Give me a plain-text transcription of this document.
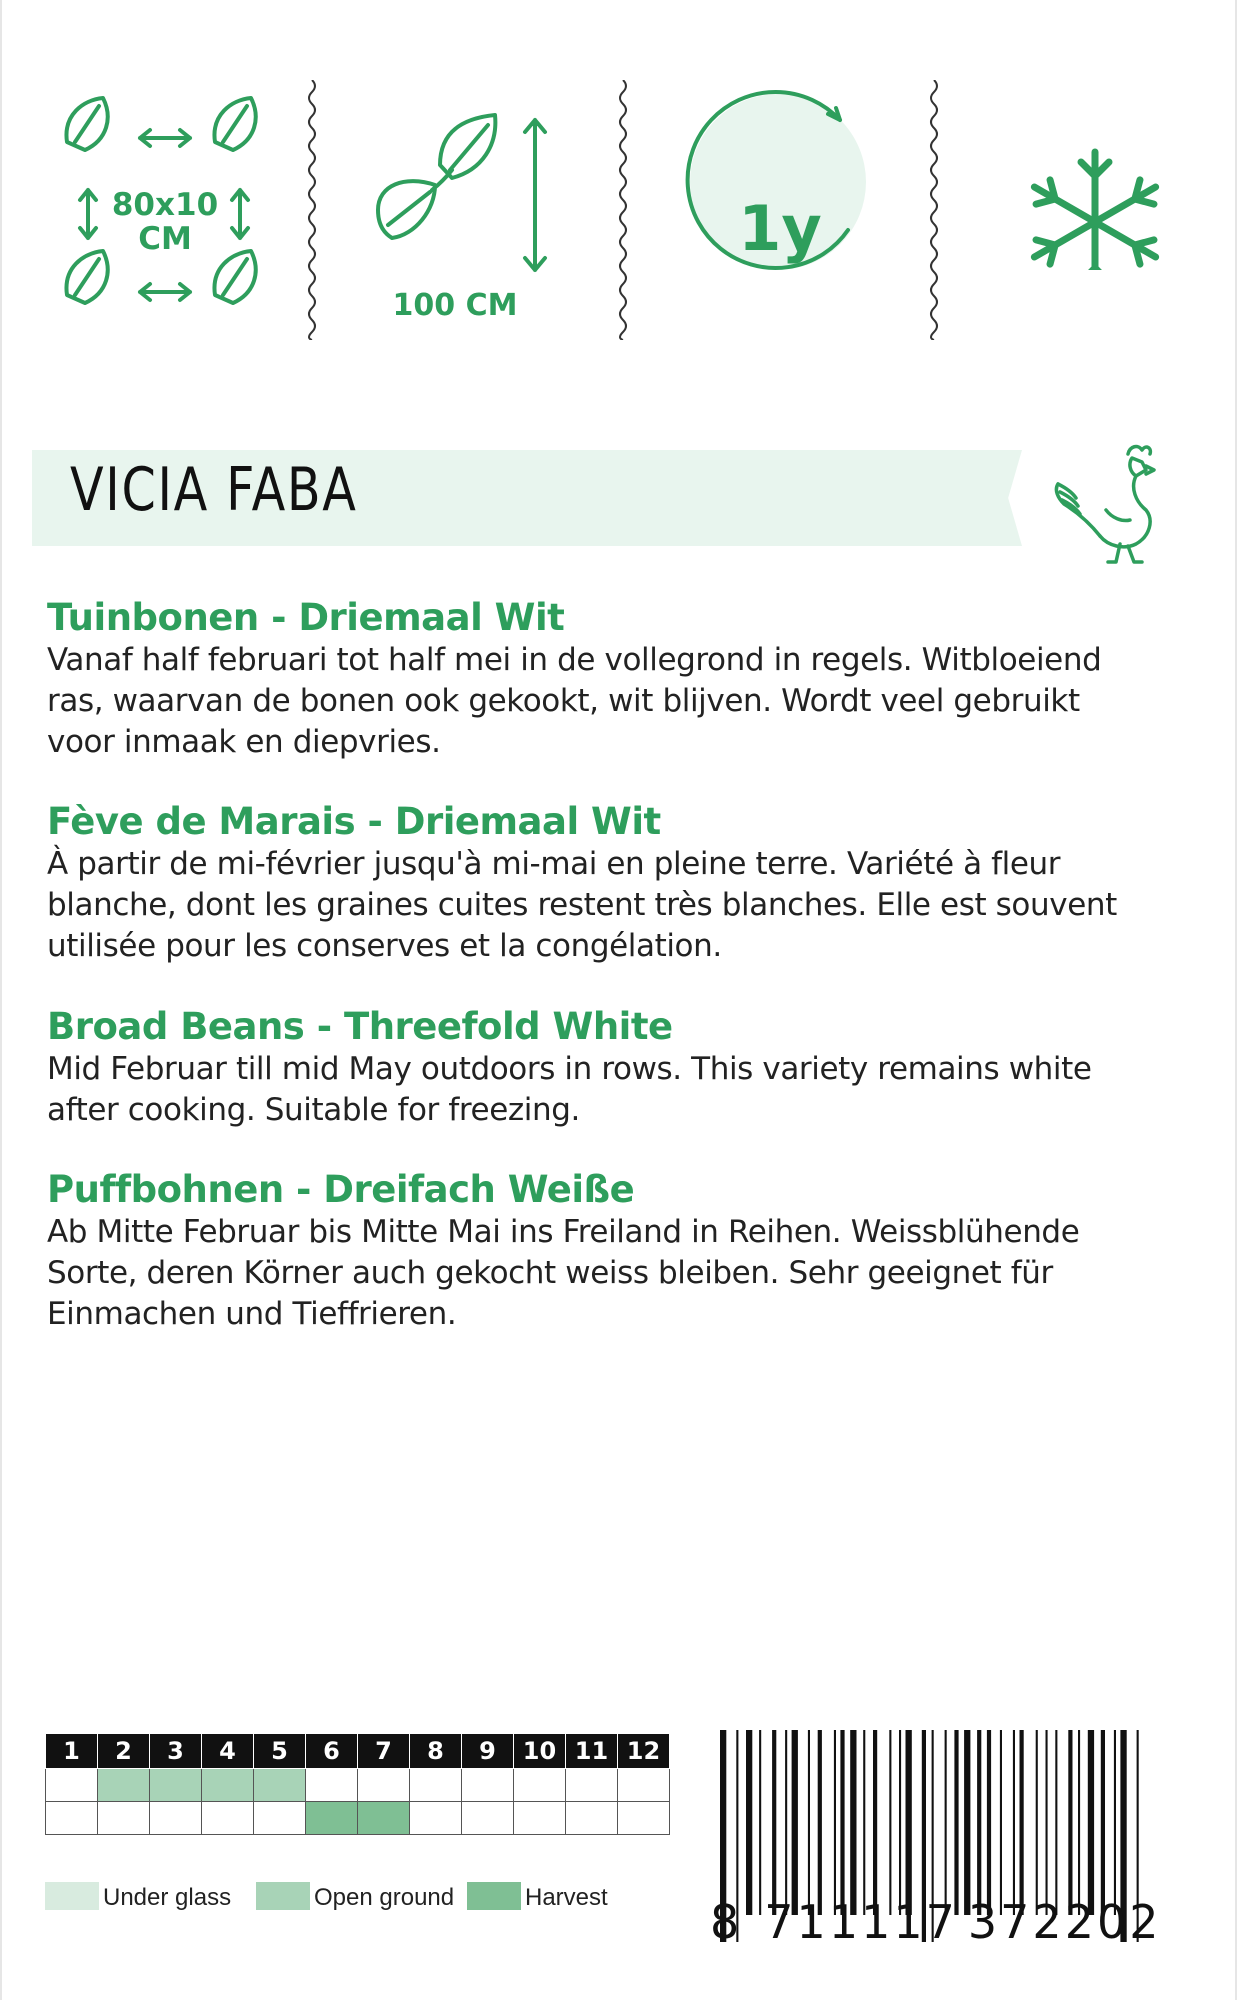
80x10
CM
100 CM
1y
VICIA FABA
Tuinbonen - Driemaal Wit

Vanaf half februari tot half mei in de vollegrond in regels. Witbloeiend

ras, waarvan de bonen ook gekookt, wit blijven. Wordt veel gebruikt

voor inmaak en diepvries.

Fève de Marais - Driemaal Wit

À partir de mi-février jusqu'à mi-mai en pleine terre. Variété à fleur

blanche, dont les graines cuites restent très blanches. Elle est souvent

utilisée pour les conserves et la congélation.

Broad Beans - Threefold White

Mid Februar till mid May outdoors in rows. This variety remains white

after cooking. Suitable for freezing.

Puffbohnen - Dreifach Weiße

Ab Mitte Februar bis Mitte Mai ins Freiland in Reihen. Weissblühende

Sorte, deren Körner auch gekocht weiss bleiben. Sehr geeignet für

Einmachen und Tieffrieren.

1	2	3	4	5	6	7	8	9	10	11	12

Under glass	Open ground	Harvest 8 711117 372202
